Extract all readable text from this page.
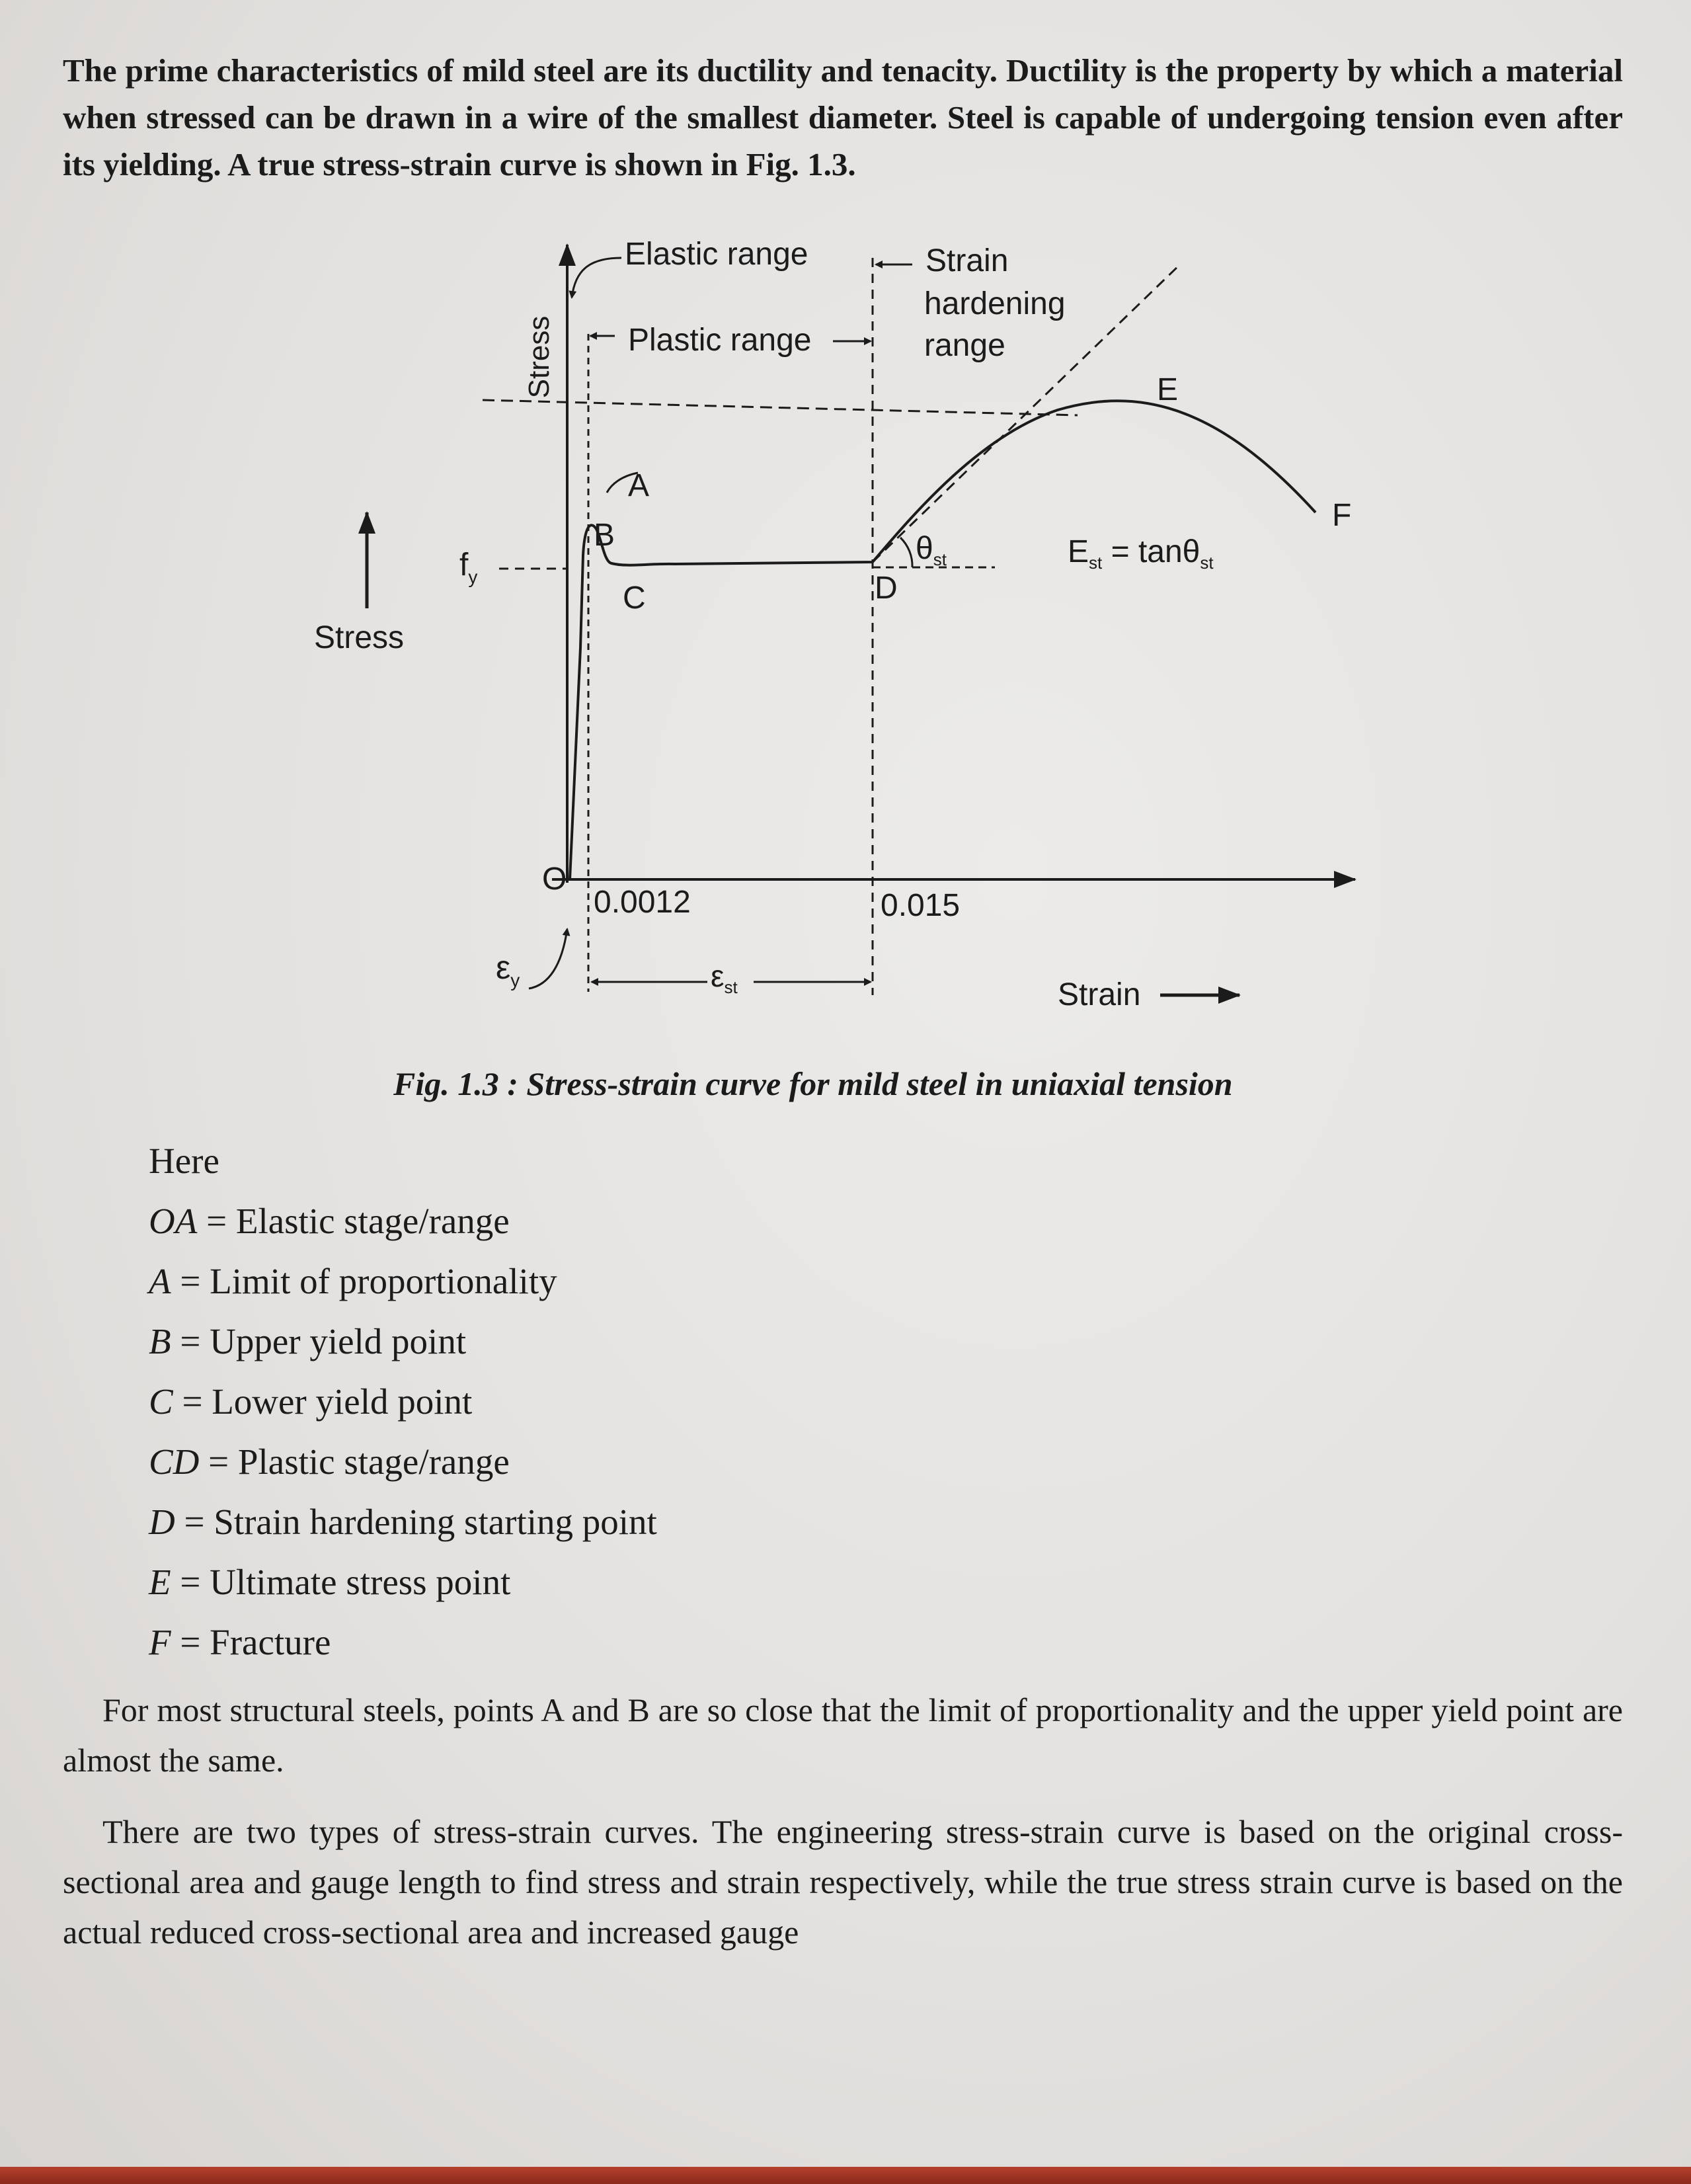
The prime characteristics of mild steel are its ductility and tenacity. Ductility is the property by which a material when stressed can be drawn in a wire of the smallest diameter. Steel is capable of undergoing tension even after its yielding. A true stress-strain curve is shown in Fig. 1.3.

Elastic range
Plastic range
Strain
hardening
range
Stress
Stress
Strain
$f_y$
O
A
B
C	D
E
F
0.0012	0.015
$\varepsilon_y$	$\varepsilon_{st}$
$\theta_{st}$	$E_{st} = \tan\theta_{st}$
Fig. 1.3 : Stress-strain curve for mild steel in uniaxial tension
Here
OA = Elastic stage/range
A = Limit of proportionality
B = Upper yield point
C = Lower yield point
CD = Plastic stage/range
D = Strain hardening starting point
E = Ultimate stress point
F = Fracture

For most structural steels, points A and B are so close that the limit of proportionality and the upper yield point are almost the same.

There are two types of stress-strain curves. The engineering stress-strain curve is based on the original cross-sectional area and gauge length to find stress and strain respectively, while the true stress strain curve is based on the actual reduced cross-sectional area and increased gauge
